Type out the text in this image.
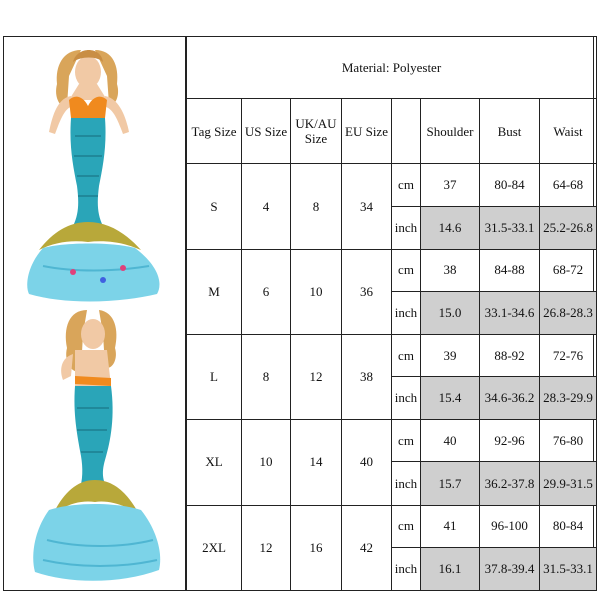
Material: Polyester							
Tag Size	US Size	UK/AU Size	EU Size		Shoulder	Bust	Waist
S	4	8	34	cm	37	80-84	64-68
				inch	14.6	31.5-33.1	25.2-26.8
M	6	10	36	cm	38	84-88	68-72
				inch	15.0	33.1-34.6	26.8-28.3
L	8	12	38	cm	39	88-92	72-76
				inch	15.4	34.6-36.2	28.3-29.9
XL	10	14	40	cm	40	92-96	76-80
				inch	15.7	36.2-37.8	29.9-31.5
2XL	12	16	42	cm	41	96-100	80-84
				inch	16.1	37.8-39.4	31.5-33.1
